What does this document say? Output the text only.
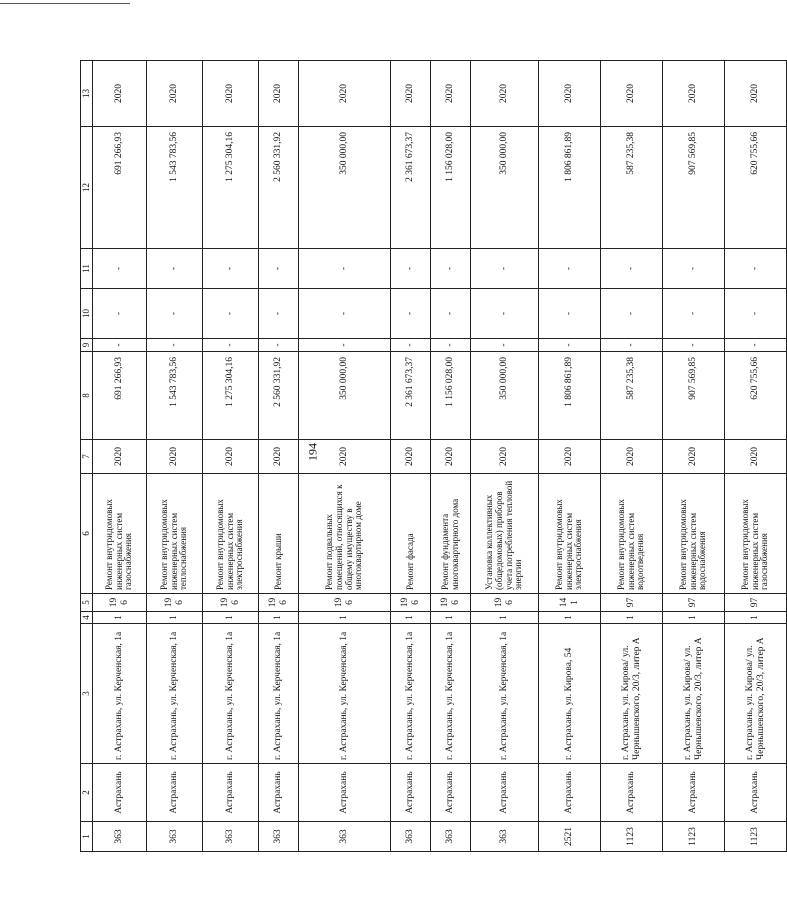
194
1	2	3	4	5	6	7	8	9	10	11	12	13
363	Астрахань	г. Астрахань, ул. Керченская, 1а	1	196	Ремонт внутридомовых инженерных систем газоснабжения	2020	691 266,93	-	-	-	691 266,93	2020
363	Астрахань	г. Астрахань, ул. Керченская, 1а	1	196	Ремонт внутридомовых инженерных систем теплоснабжения	2020	1 543 783,56	-	-	-	1 543 783,56	2020
363	Астрахань	г. Астрахань, ул. Керченская, 1а	1	196	Ремонт внутридомовых инженерных систем электроснабжения	2020	1 275 304,16	-	-	-	1 275 304,16	2020
363	Астрахань	г. Астрахань, ул. Керченская, 1а	1	196	Ремонт крыши	2020	2 560 331,92	-	-	-	2 560 331,92	2020
363	Астрахань	г. Астрахань, ул. Керченская, 1а	1	196	Ремонт подвальных помещений, относящихся к общему имуществу в многоквартирном доме	2020	350 000,00	-	-	-	350 000,00	2020
363	Астрахань	г. Астрахань, ул. Керченская, 1а	1	196	Ремонт фасада	2020	2 361 673,37	-	-	-	2 361 673,37	2020
363	Астрахань	г. Астрахань, ул. Керченская, 1а	1	196	Ремонт фундамента многоквартирного дома	2020	1 156 028,00	-	-	-	1 156 028,00	2020
363	Астрахань	г. Астрахань, ул. Керченская, 1а	1	196	Установка коллективных (общедомовых) приборов учета потребления тепловой энергии	2020	350 000,00	-	-	-	350 000,00	2020
2521	Астрахань	г. Астрахань, ул. Кирова, 54	1	141	Ремонт внутридомовых инженерных систем электроснабжения	2020	1 806 861,89	-	-	-	1 806 861,89	2020
1123	Астрахань	г. Астрахань, ул. Кирова/ ул. Чернышевского, 20/3, литер А	1	97	Ремонт внутридомовых инженерных систем водоотведения	2020	587 235,38	-	-	-	587 235,38	2020
1123	Астрахань	г. Астрахань, ул. Кирова/ ул. Чернышевского, 20/3, литер А	1	97	Ремонт внутридомовых инженерных систем водоснабжения	2020	907 569,85	-	-	-	907 569,85	2020
1123	Астрахань	г. Астрахань, ул. Кирова/ ул. Чернышевского, 20/3, литер А	1	97	Ремонт внутридомовых инженерных систем газоснабжения	2020	620 755,66	-	-	-	620 755,66	2020
